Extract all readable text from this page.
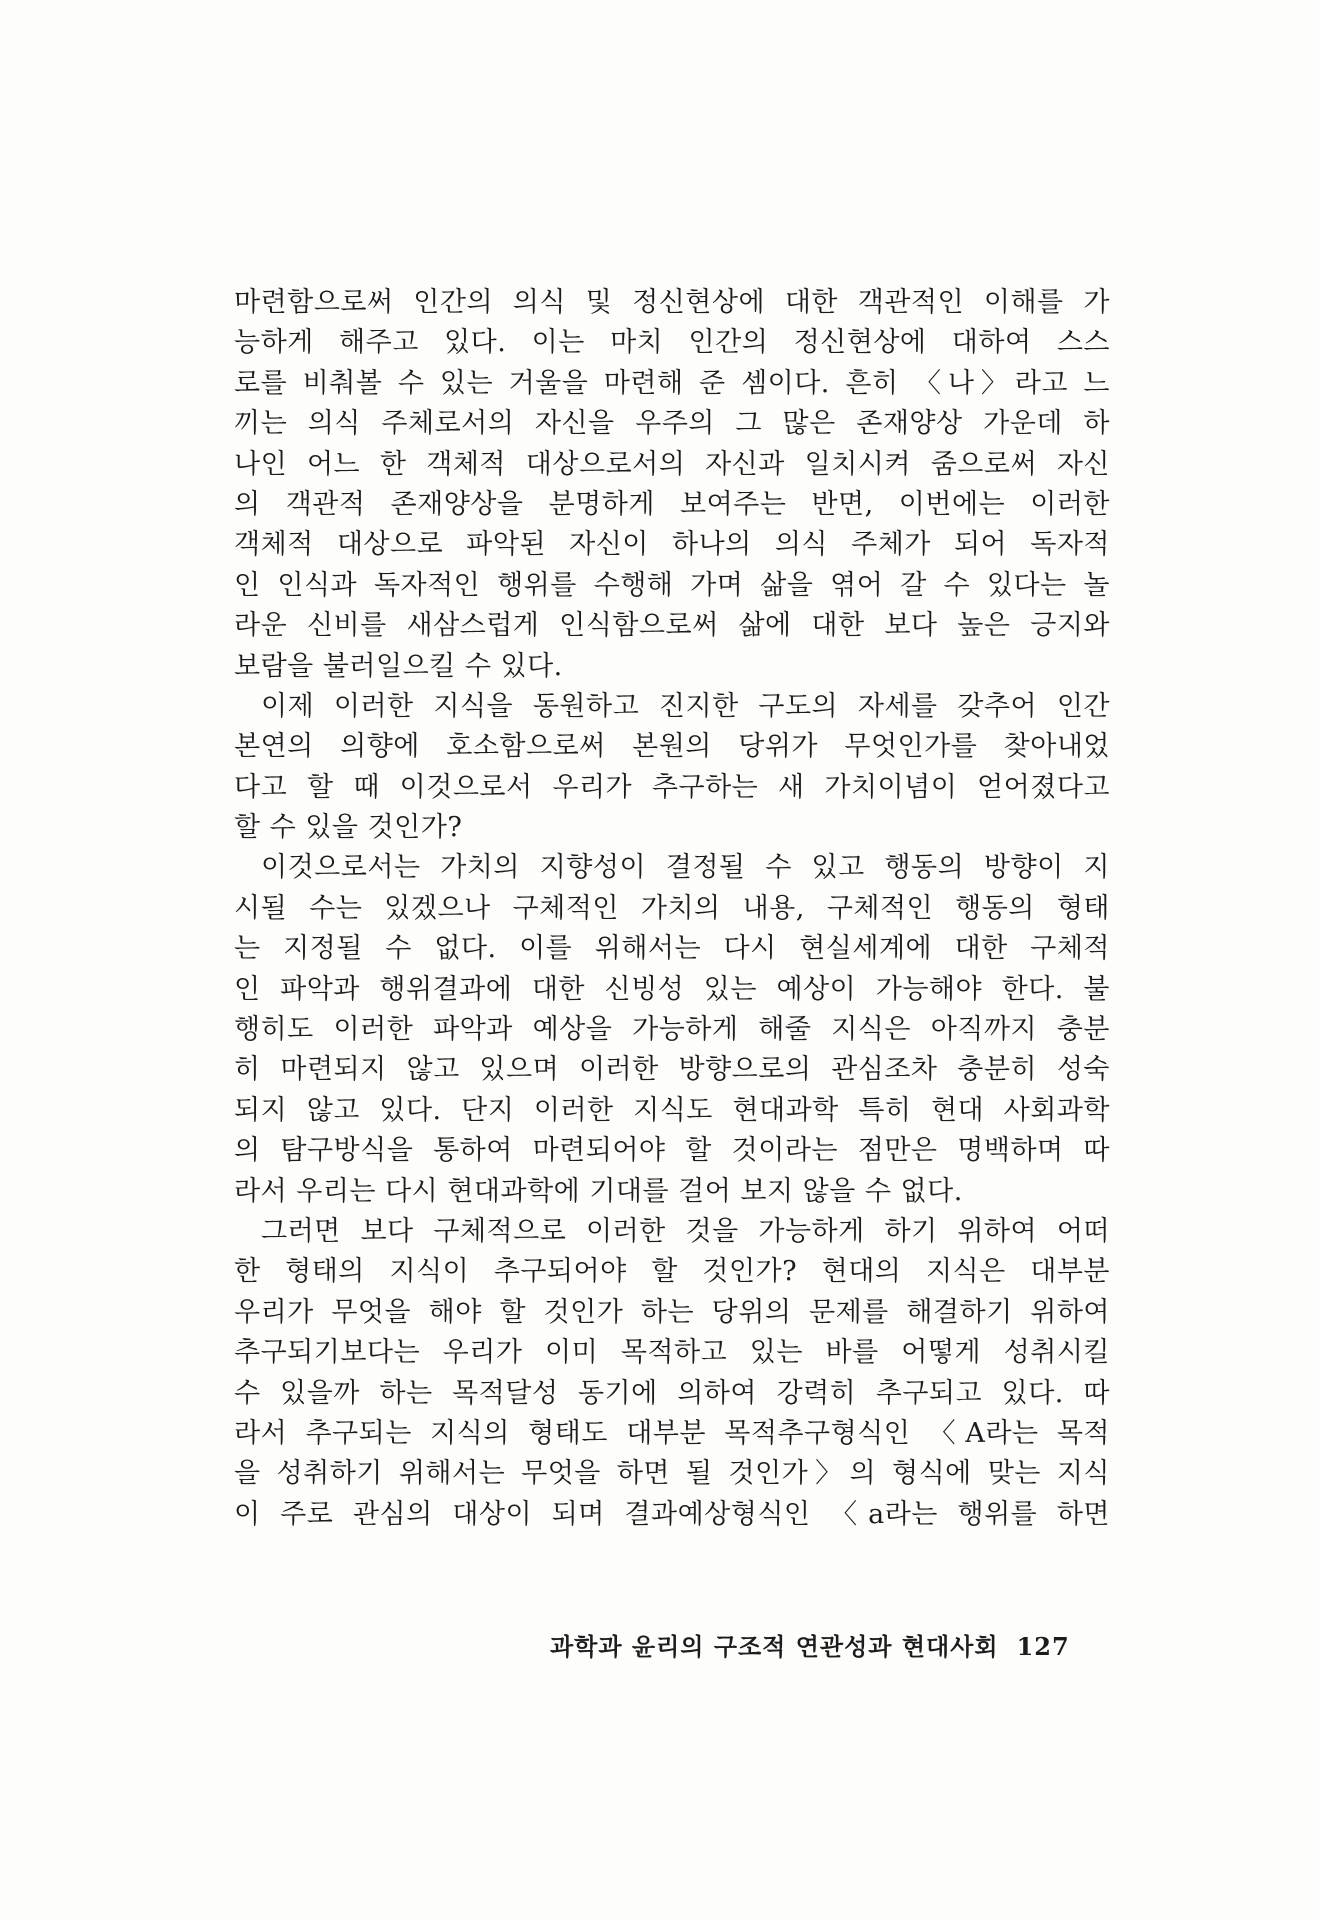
마련함으로써 인간의 의식 및 정신현상에 대한 객관적인 이해를 가
능하게 해주고 있다. 이는 마치 인간의 정신현상에 대하여 스스
로를 비춰볼 수 있는 거울을 마련해 준 셈이다. 흔히 〈나〉라고 느
끼는 의식 주체로서의 자신을 우주의 그 많은 존재양상 가운데 하
나인 어느 한 객체적 대상으로서의 자신과 일치시켜 줌으로써 자신
의 객관적 존재양상을 분명하게 보여주는 반면, 이번에는 이러한
객체적 대상으로 파악된 자신이 하나의 의식 주체가 되어 독자적
인 인식과 독자적인 행위를 수행해 가며 삶을 엮어 갈 수 있다는 놀
라운 신비를 새삼스럽게 인식함으로써 삶에 대한 보다 높은 긍지와
보람을 불러일으킬 수 있다.
이제 이러한 지식을 동원하고 진지한 구도의 자세를 갖추어 인간
본연의 의향에 호소함으로써 본원의 당위가 무엇인가를 찾아내었
다고 할 때 이것으로서 우리가 추구하는 새 가치이념이 얻어졌다고
할 수 있을 것인가?
이것으로서는 가치의 지향성이 결정될 수 있고 행동의 방향이 지
시될 수는 있겠으나 구체적인 가치의 내용, 구체적인 행동의 형태
는 지정될 수 없다. 이를 위해서는 다시 현실세계에 대한 구체적
인 파악과 행위결과에 대한 신빙성 있는 예상이 가능해야 한다. 불
행히도 이러한 파악과 예상을 가능하게 해줄 지식은 아직까지 충분
히 마련되지 않고 있으며 이러한 방향으로의 관심조차 충분히 성숙
되지 않고 있다. 단지 이러한 지식도 현대과학 특히 현대 사회과학
의 탐구방식을 통하여 마련되어야 할 것이라는 점만은 명백하며 따
라서 우리는 다시 현대과학에 기대를 걸어 보지 않을 수 없다.
그러면 보다 구체적으로 이러한 것을 가능하게 하기 위하여 어떠
한 형태의 지식이 추구되어야 할 것인가? 현대의 지식은 대부분
우리가 무엇을 해야 할 것인가 하는 당위의 문제를 해결하기 위하여
추구되기보다는 우리가 이미 목적하고 있는 바를 어떻게 성취시킬
수 있을까 하는 목적달성 동기에 의하여 강력히 추구되고 있다. 따
라서 추구되는 지식의 형태도 대부분 목적추구형식인 〈A라는 목적
을 성취하기 위해서는 무엇을 하면 될 것인가〉의 형식에 맞는 지식
이 주로 관심의 대상이 되며 결과예상형식인 〈a라는 행위를 하면
과학과 윤리의 구조적 연관성과 현대사회 127
